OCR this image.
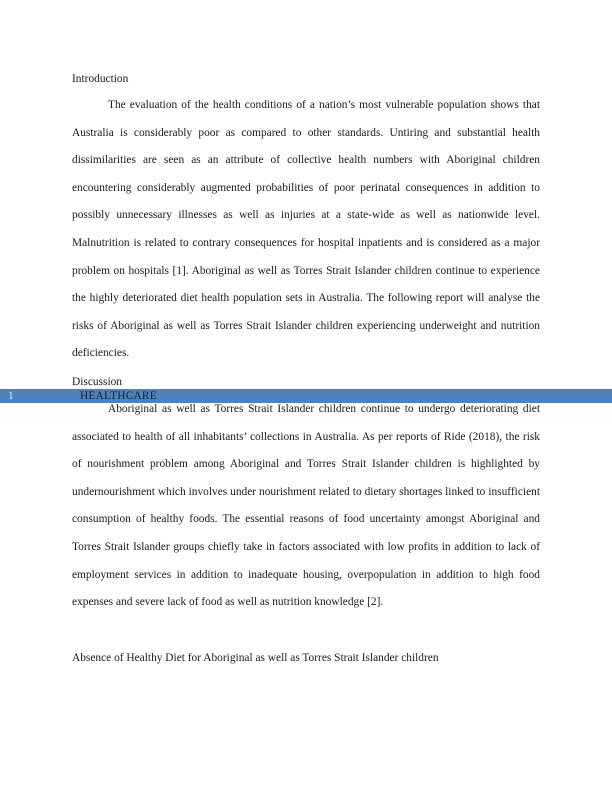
Introduction

The evaluation of the health conditions of a nation’s most vulnerable population shows that Australia is considerably poor as compared to other standards. Untiring and substantial health dissimilarities are seen as an attribute of collective health numbers with Aboriginal children encountering considerably augmented probabilities of poor perinatal consequences in addition to possibly unnecessary illnesses as well as injuries at a state-wide as well as nationwide level. Malnutrition is related to contrary consequences for hospital inpatients and is considered as a major problem on hospitals [1]. Aboriginal as well as Torres Strait Islander children continue to experience the highly deteriorated diet health population sets in Australia. The following report will analyse the risks of Aboriginal as well as Torres Strait Islander children experiencing underweight and nutrition deficiencies.

Discussion
1	HEALTHCARE

Aboriginal as well as Torres Strait Islander children continue to undergo deteriorating diet associated to health of all inhabitants’ collections in Australia. As per reports of Ride (2018), the risk of nourishment problem among Aboriginal and Torres Strait Islander children is highlighted by undernourishment which involves under nourishment related to dietary shortages linked to insufficient consumption of healthy foods. The essential reasons of food uncertainty amongst Aboriginal and Torres Strait Islander groups chiefly take in factors associated with low profits in addition to lack of employment services in addition to inadequate housing, overpopulation in addition to high food expenses and severe lack of food as well as nutrition knowledge [2].

Absence of Healthy Diet for Aboriginal as well as Torres Strait Islander children
